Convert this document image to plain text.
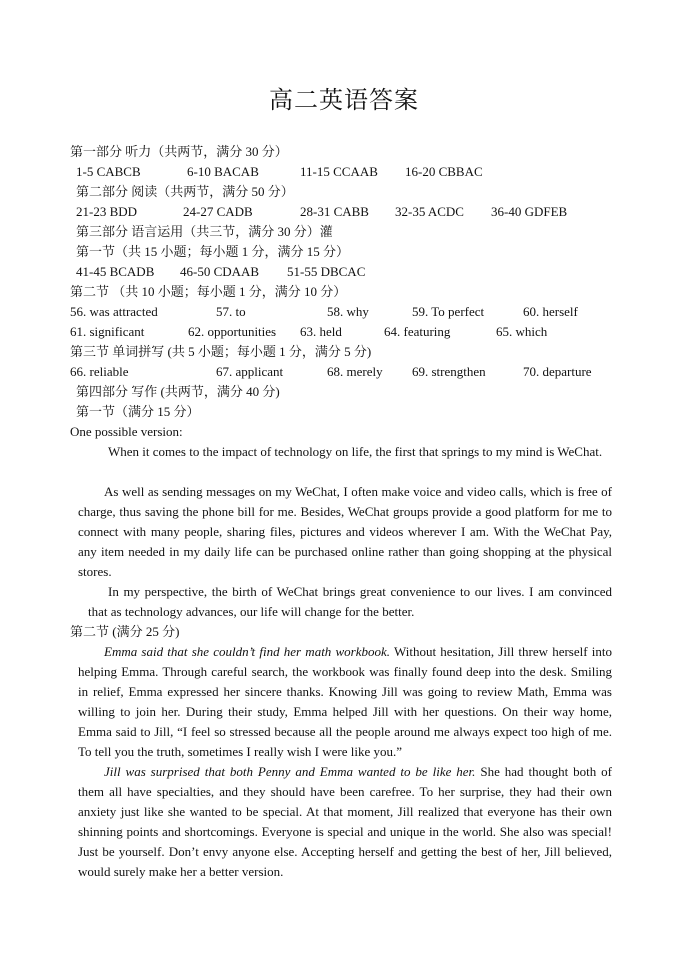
高二英语答案
第一部分 听力（共两节，满分 30 分）
1-5 CABCB	6-10 BACAB	11-15 CCAAB 16-20 CBBAC
第二部分 阅读（共两节，满分 50 分）
21-23 BDD	24-27 CADB	28-31 CABB 32-35 ACDC 36-40 GDFEB
第三部分 语言运用（共三节，满分 30 分）灌
第一节（共 15 小题；每小题 1 分，满分 15 分）
41-45 BCADB 46-50 CDAAB 51-55 DBCAC
第二节 （共 10 小题；每小题 1 分，满分 10 分）
56. was attracted	57. to	58. why	59. To perfect	60. herself
61. significant	62. opportunities 63. held	64. featuring	65. which
第三节 单词拼写 (共 5 小题；每小题 1 分，满分 5 分)
66. reliable	67. applicant	68. merely 69. strengthen	70. departure
第四部分 写作 (共两节，满分 40 分)
第一节（满分 15 分）
One possible version:
When it comes to the impact of technology on life, the first that springs to my mind is WeChat.
As well as sending messages on my WeChat, I often make voice and video calls, which is free of charge, thus saving the phone bill for me. Besides, WeChat groups provide a good platform for me to connect with many people, sharing files, pictures and videos wherever I am. With the WeChat Pay, any item needed in my daily life can be purchased online rather than going shopping at the physical stores.
In my perspective, the birth of WeChat brings great convenience to our lives. I am convinced that as technology advances, our life will change for the better.
第二节 (满分 25 分)
Emma said that she couldn’t find her math workbook. Without hesitation, Jill threw herself into helping Emma. Through careful search, the workbook was finally found deep into the desk. Smiling in relief, Emma expressed her sincere thanks. Knowing Jill was going to review Math, Emma was willing to join her. During their study, Emma helped Jill with her questions. On their way home, Emma said to Jill, “I feel so stressed because all the people around me always expect too high of me. To tell you the truth, sometimes I really wish I were like you.”
Jill was surprised that both Penny and Emma wanted to be like her. She had thought both of them all have specialties, and they should have been carefree. To her surprise, they had their own anxiety just like she wanted to be special. At that moment, Jill realized that everyone has their own shinning points and shortcomings. Everyone is special and unique in the world. She also was special! Just be yourself. Don’t envy anyone else. Accepting herself and getting the best of her, Jill believed, would surely make her a better version.
